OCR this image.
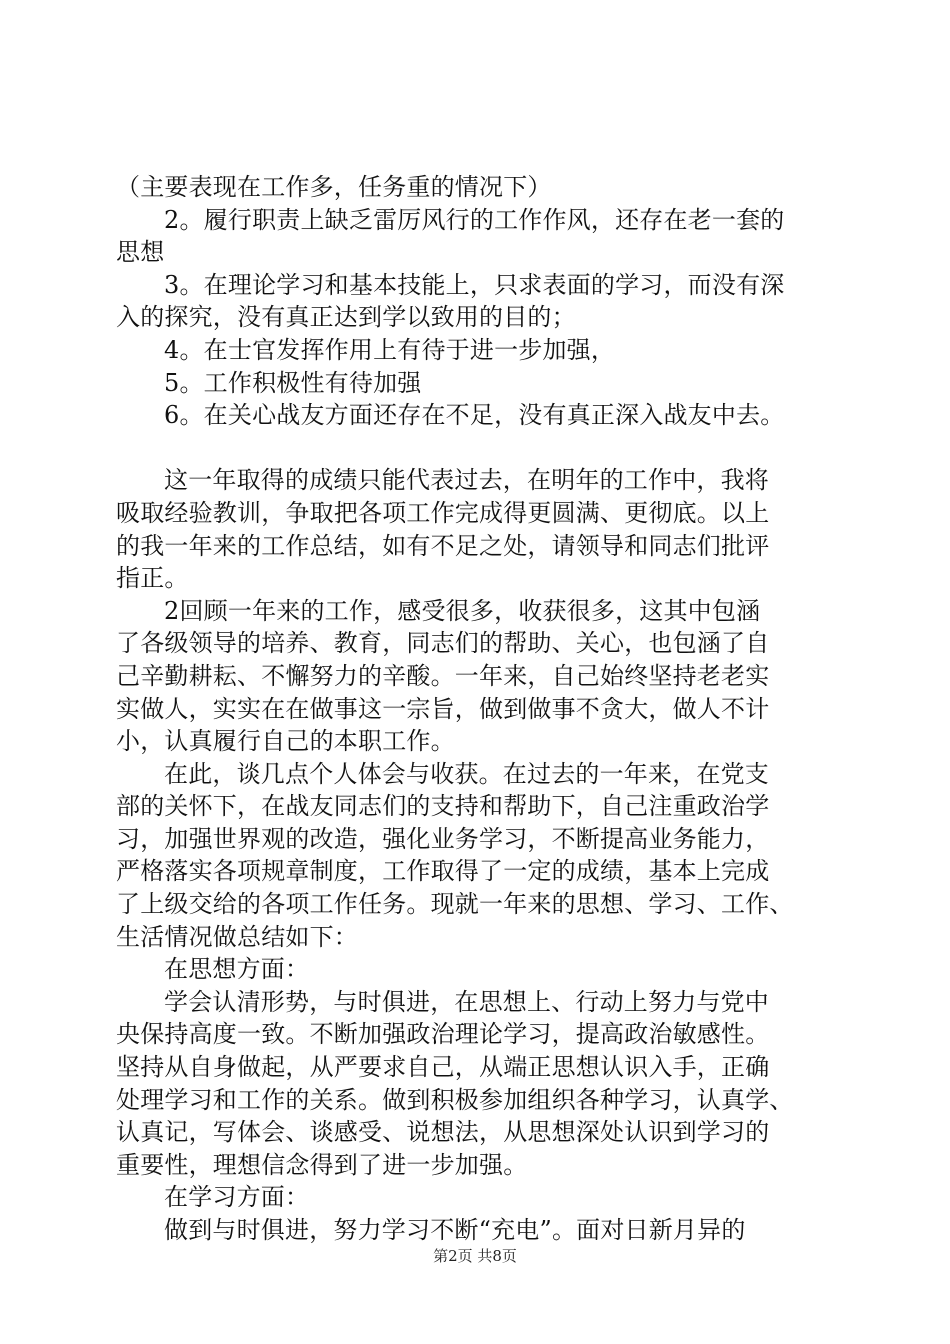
（主要表现在工作多，任务重的情况下）
2。履行职责上缺乏雷厉风行的工作作风，还存在老一套的
思想
3。在理论学习和基本技能上，只求表面的学习，而没有深
入的探究，没有真正达到学以致用的目的；
4。在士官发挥作用上有待于进一步加强，
5。工作积极性有待加强
6。在关心战友方面还存在不足，没有真正深入战友中去。
这一年取得的成绩只能代表过去，在明年的工作中，我将
吸取经验教训，争取把各项工作完成得更圆满、更彻底。以上
的我一年来的工作总结，如有不足之处，请领导和同志们批评
指正。
2回顾一年来的工作，感受很多，收获很多，这其中包涵
了各级领导的培养、教育，同志们的帮助、关心，也包涵了自
己辛勤耕耘、不懈努力的辛酸。一年来，自己始终坚持老老实
实做人，实实在在做事这一宗旨，做到做事不贪大，做人不计
小，认真履行自己的本职工作。
在此，谈几点个人体会与收获。在过去的一年来，在党支
部的关怀下，在战友同志们的支持和帮助下，自己注重政治学
习，加强世界观的改造，强化业务学习，不断提高业务能力，
严格落实各项规章制度，工作取得了一定的成绩，基本上完成
了上级交给的各项工作任务。现就一年来的思想、学习、工作、
生活情况做总结如下：
在思想方面：
学会认清形势，与时俱进，在思想上、行动上努力与党中
央保持高度一致。不断加强政治理论学习，提高政治敏感性。
坚持从自身做起，从严要求自己，从端正思想认识入手，正确
处理学习和工作的关系。做到积极参加组织各种学习，认真学、
认真记，写体会、谈感受、说想法，从思想深处认识到学习的
重要性，理想信念得到了进一步加强。
在学习方面：
做到与时俱进，努力学习不断“充电”。面对日新月异的
第2页 共8页
